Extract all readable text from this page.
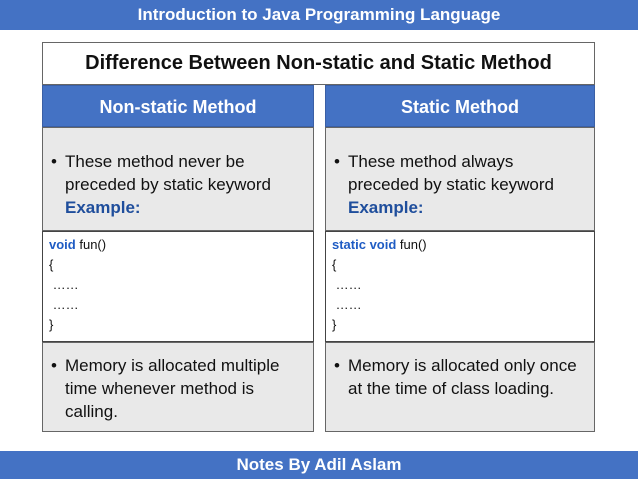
Introduction to Java Programming Language
Difference Between Non-static and Static Method
Non-static Method
• These method never be preceded by static keyword
Example:
void fun()
{
……
……
}
• Memory is allocated multiple time whenever method is calling.
Static Method
• These method always preceded by static keyword
Example:
static void fun()
{
……
……
}
• Memory is allocated only once at the time of class loading.
Notes By Adil Aslam
